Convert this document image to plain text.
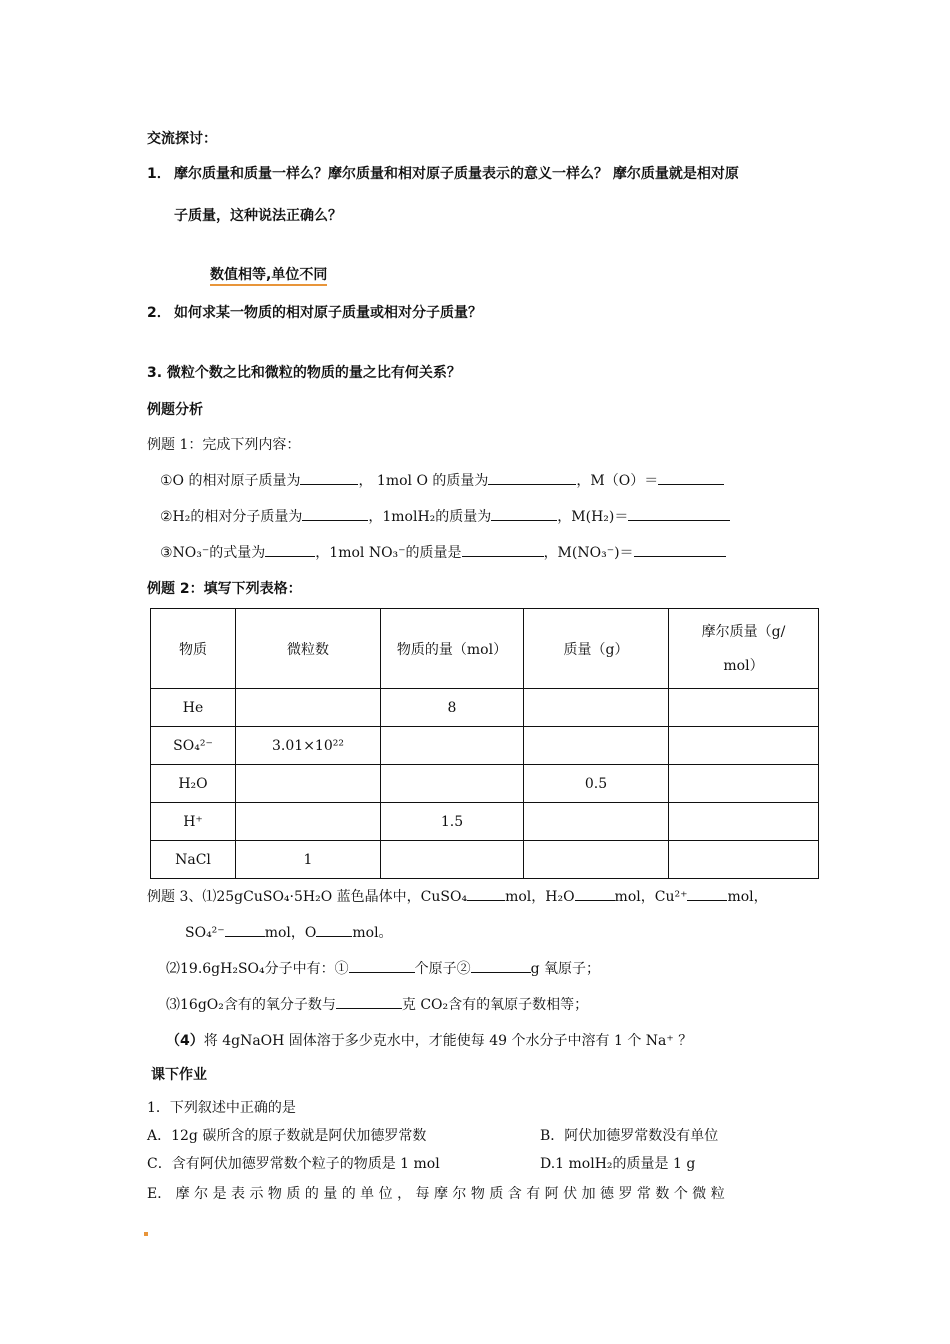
交流探讨：
1． 摩尔质量和质量一样么？摩尔质量和相对原子质量表示的意义一样么？ 摩尔质量就是相对原
子质量，这种说法正确么？
数值相等,单位不同
2． 如何求某一物质的相对原子质量或相对分子质量？
3. 微粒个数之比和微粒的物质的量之比有何关系？
例题分析
例题 1：完成下列内容：
①O 的相对原子质量为	， 1mol O 的质量为	，M（O）＝
②H₂的相对分子质量为	，1molH₂的质量为	，M(H₂)＝
③NO₃⁻的式量为	，1mol NO₃⁻的质量是	，M(NO₃⁻)＝
例题 2：填写下列表格：
物质	微粒数	物质的量（mol）	质量（g）	摩尔质量（g/
mol）
He		8		
SO₄²⁻	3.01×10²²			
H₂O			0.5	
H⁺		1.5		
NaCl	1			
例题 3、⑴25gCuSO₄·5H₂O 蓝色晶体中，CuSO₄	mol，H₂O	mol，Cu²⁺	mol，
SO₄²⁻	mol，O	mol。
⑵19.6gH₂SO₄分子中有：①	个原子②	g 氧原子；
⑶16gO₂含有的氧分子数与	克 CO₂含有的氧原子数相等；
（4）将 4gNaOH 固体溶于多少克水中，才能使每 49 个水分子中溶有 1 个 Na⁺ ？
课下作业
1．下列叙述中正确的是
A．12g 碳所含的原子数就是阿伏加德罗常数	B．阿伏加德罗常数没有单位
C．含有阿伏加德罗常数个粒子的物质是 1 mol	D.1 molH₂的质量是 1 g
E． 摩 尔 是 表 示 物 质 的 量 的 单 位 ， 每 摩 尔 物 质 含 有 阿 伏 加 德 罗 常 数 个 微 粒
